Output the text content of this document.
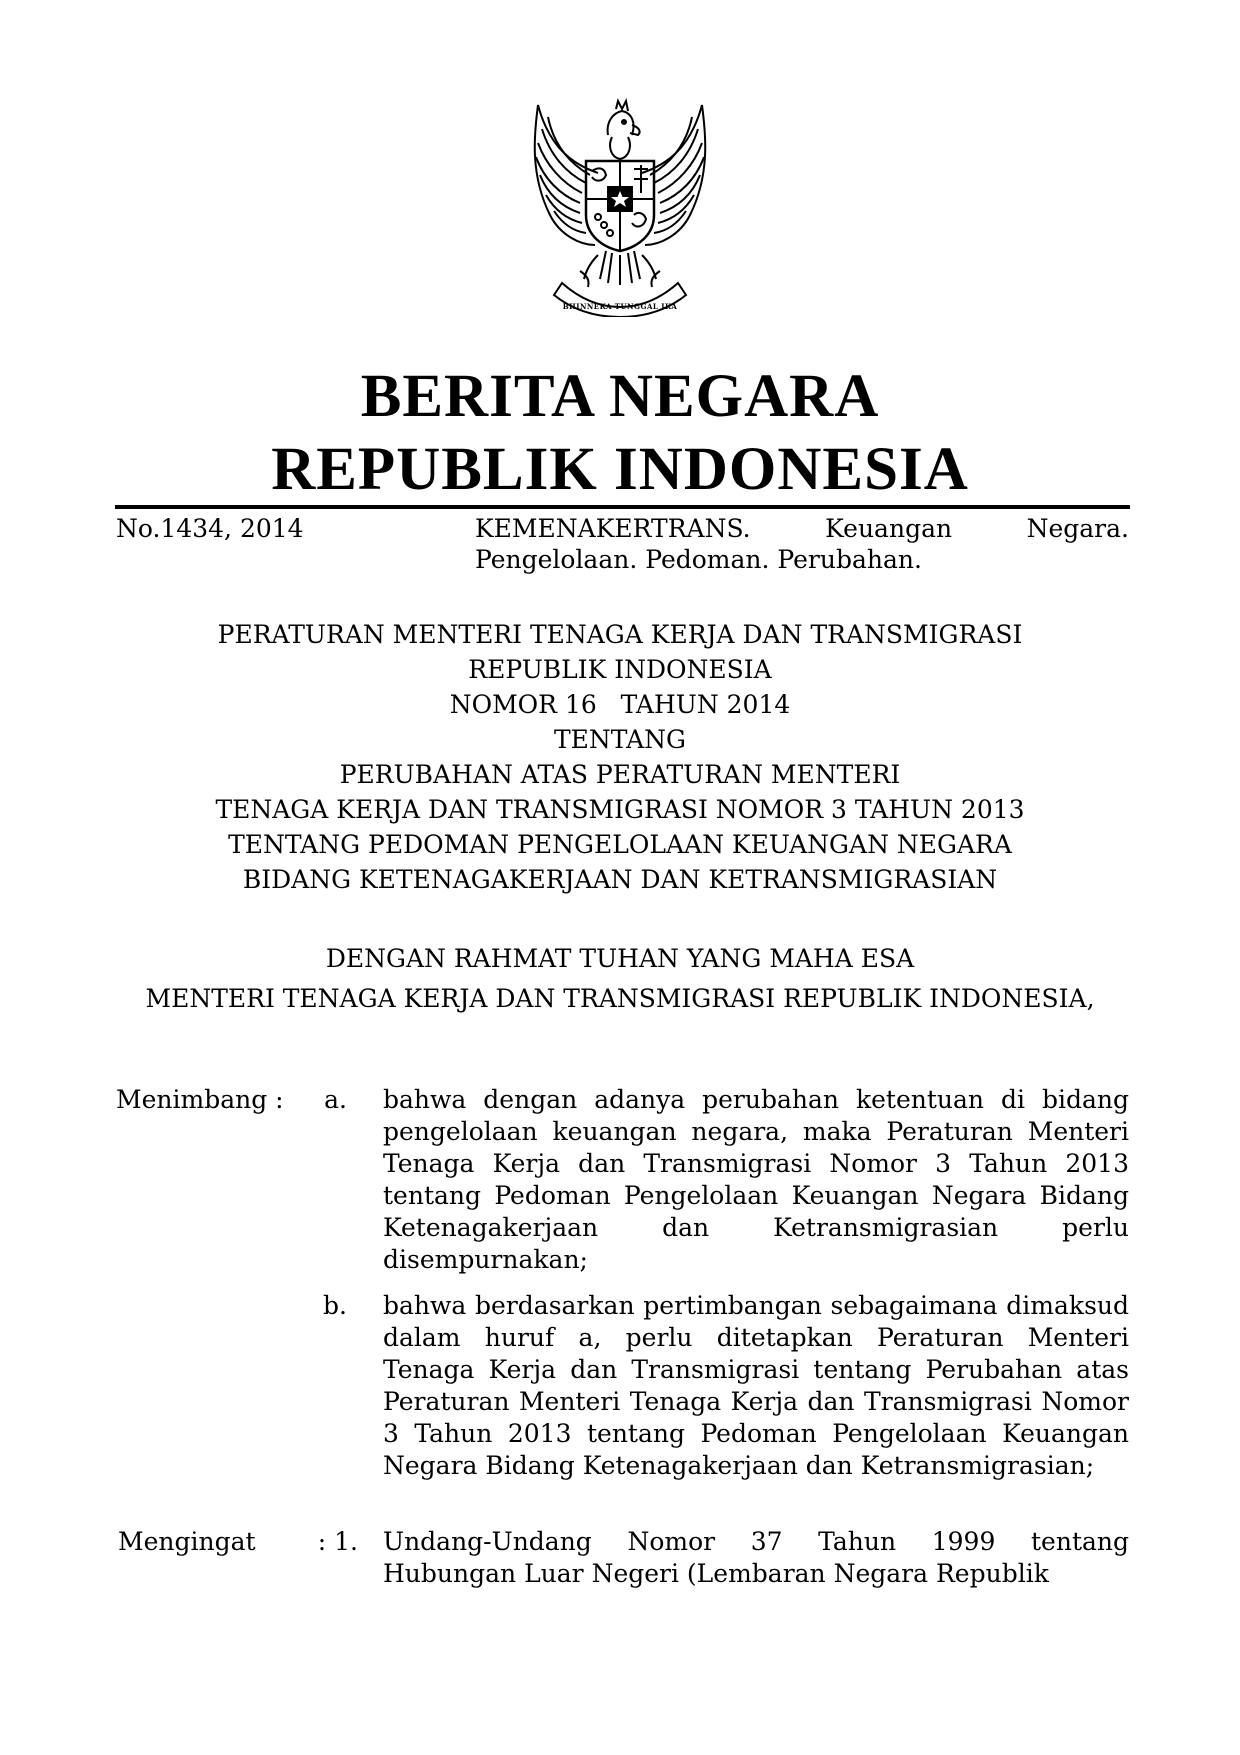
BHINNEKA TUNGGAL IKA
BERITA NEGARA
REPUBLIK INDONESIA
No.1434, 2014	KEMENAKERTRANS. Keuangan Negara.
Pengelolaan. Pedoman. Perubahan.
PERATURAN MENTERI TENAGA KERJA DAN TRANSMIGRASI
REPUBLIK INDONESIA
NOMOR 16   TAHUN 2014
TENTANG
PERUBAHAN ATAS PERATURAN MENTERI
TENAGA KERJA DAN TRANSMIGRASI NOMOR 3 TAHUN 2013
TENTANG PEDOMAN PENGELOLAAN KEUANGAN NEGARA
BIDANG KETENAGAKERJAAN DAN KETRANSMIGRASIAN
DENGAN RAHMAT TUHAN YANG MAHA ESA
MENTERI TENAGA KERJA DAN TRANSMIGRASI REPUBLIK INDONESIA,
Menimbang :	a. bahwa dengan adanya perubahan ketentuan di bidang pengelolaan keuangan negara, maka Peraturan Menteri Tenaga Kerja dan Transmigrasi Nomor 3 Tahun 2013 tentang Pedoman Pengelolaan Keuangan Negara Bidang Ketenagakerjaan dan Ketransmigrasian perlu disempurnakan;
b. bahwa berdasarkan pertimbangan sebagaimana dimaksud dalam huruf a, perlu ditetapkan Peraturan Menteri Tenaga Kerja dan Transmigrasi tentang Perubahan atas Peraturan Menteri Tenaga Kerja dan Transmigrasi Nomor 3 Tahun 2013 tentang Pedoman Pengelolaan Keuangan Negara Bidang Ketenagakerjaan dan Ketransmigrasian;
Mengingat	: 1. Undang-Undang Nomor 37 Tahun 1999 tentang Hubungan Luar Negeri (Lembaran Negara Republik
